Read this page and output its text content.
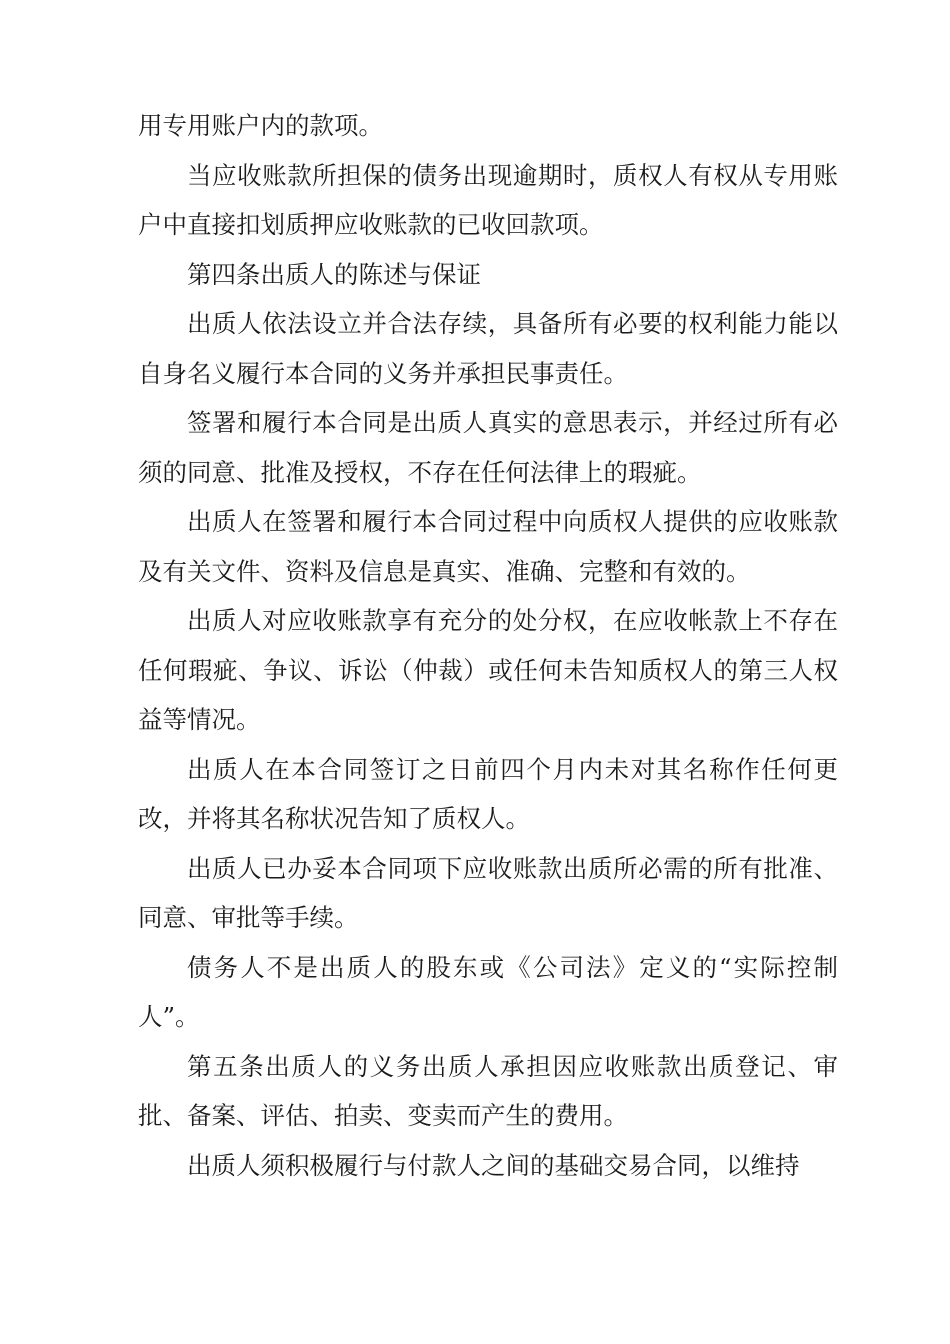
用专用账户内的款项。

当应收账款所担保的债务出现逾期时，质权人有权从专用账户中直接扣划质押应收账款的已收回款项。

第四条出质人的陈述与保证

出质人依法设立并合法存续，具备所有必要的权利能力能以自身名义履行本合同的义务并承担民事责任。

签署和履行本合同是出质人真实的意思表示，并经过所有必须的同意、批准及授权，不存在任何法律上的瑕疵。

出质人在签署和履行本合同过程中向质权人提供的应收账款及有关文件、资料及信息是真实、准确、完整和有效的。

出质人对应收账款享有充分的处分权，在应收帐款上不存在任何瑕疵、争议、诉讼（仲裁）或任何未告知质权人的第三人权益等情况。

出质人在本合同签订之日前四个月内未对其名称作任何更改，并将其名称状况告知了质权人。

出质人已办妥本合同项下应收账款出质所必需的所有批准、同意、审批等手续。

债务人不是出质人的股东或《公司法》定义的“实际控制人”。

第五条出质人的义务出质人承担因应收账款出质登记、审批、备案、评估、拍卖、变卖而产生的费用。

出质人须积极履行与付款人之间的基础交易合同，以维持
